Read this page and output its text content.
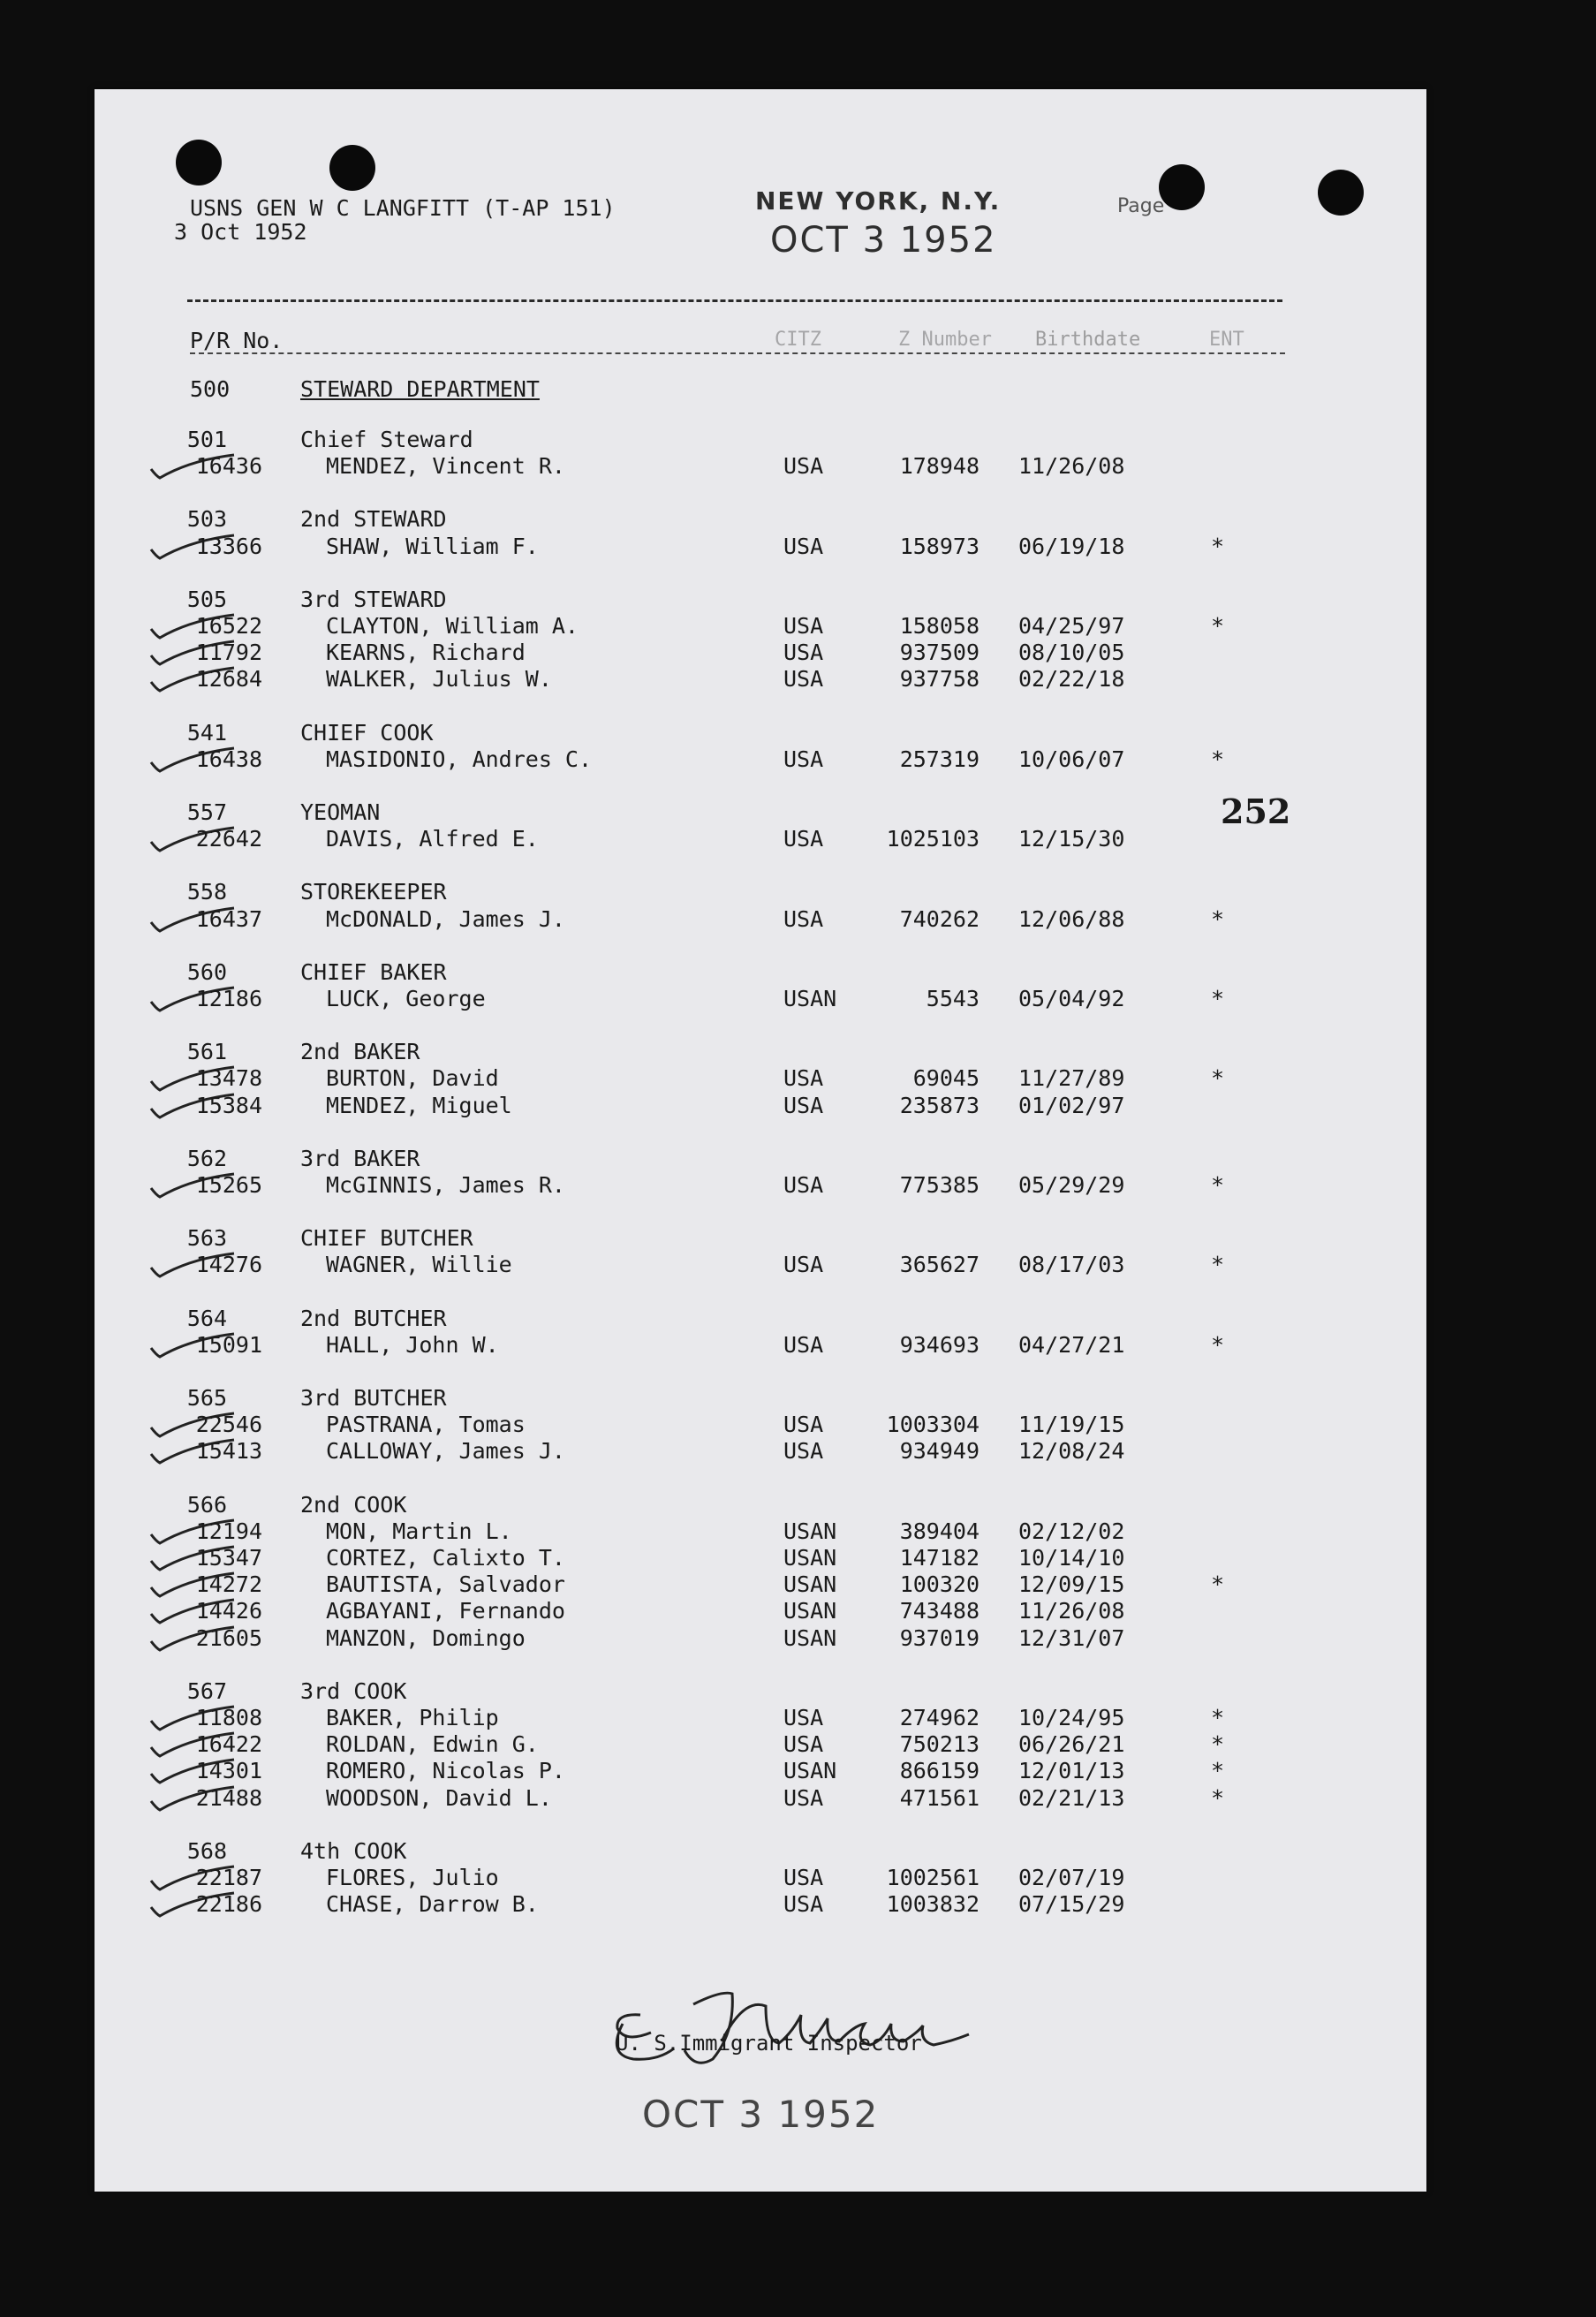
USNS GEN W C LANGFITT (T-AP 151)
3 Oct 1952
NEW YORK, N.Y.
OCT 3 1952
Page
P/R No.	CITZ	Z Number Birthdate	ENT
500	STEWARD DEPARTMENT
252
501	Chief Steward
16436	MENDEZ, Vincent R.	USA	178948 11/26/08
503	2nd STEWARD
13366	SHAW, William F.	USA	158973 06/19/18	*
505	3rd STEWARD
16522	CLAYTON, William A.	USA	158058 04/25/97	*
11792	KEARNS, Richard	USA	937509 08/10/05
12684	WALKER, Julius W.	USA	937758 02/22/18
541	CHIEF COOK
16438	MASIDONIO, Andres C.	USA	257319 10/06/07	*
557	YEOMAN
22642	DAVIS, Alfred E.	USA	1025103 12/15/30
558	STOREKEEPER
16437	McDONALD, James J.	USA	740262 12/06/88	*
560	CHIEF BAKER
12186	LUCK, George	USAN	5543 05/04/92	*
561	2nd BAKER
13478	BURTON, David	USA	69045 11/27/89	*
15384	MENDEZ, Miguel	USA	235873 01/02/97
562	3rd BAKER
15265	McGINNIS, James R.	USA	775385 05/29/29	*
563	CHIEF BUTCHER
14276	WAGNER, Willie	USA	365627 08/17/03	*
564	2nd BUTCHER
15091	HALL, John W.	USA	934693 04/27/21	*
565	3rd BUTCHER
22546	PASTRANA, Tomas	USA	1003304 11/19/15
15413	CALLOWAY, James J.	USA	934949 12/08/24
566	2nd COOK
12194	MON, Martin L.	USAN	389404 02/12/02
15347	CORTEZ, Calixto T.	USAN	147182 10/14/10
14272	BAUTISTA, Salvador	USAN	100320 12/09/15	*
14426	AGBAYANI, Fernando	USAN	743488 11/26/08
21605	MANZON, Domingo	USAN	937019 12/31/07
567	3rd COOK
11808	BAKER, Philip	USA	274962 10/24/95	*
16422	ROLDAN, Edwin G.	USA	750213 06/26/21	*
14301	ROMERO, Nicolas P.	USAN	866159 12/01/13	*
21488	WOODSON, David L.	USA	471561 02/21/13	*
568	4th COOK
22187	FLORES, Julio	USA	1002561 02/07/19
22186	CHASE, Darrow B.	USA	1003832 07/15/29
U. S.Immigrant Inspector
OCT 3 1952
